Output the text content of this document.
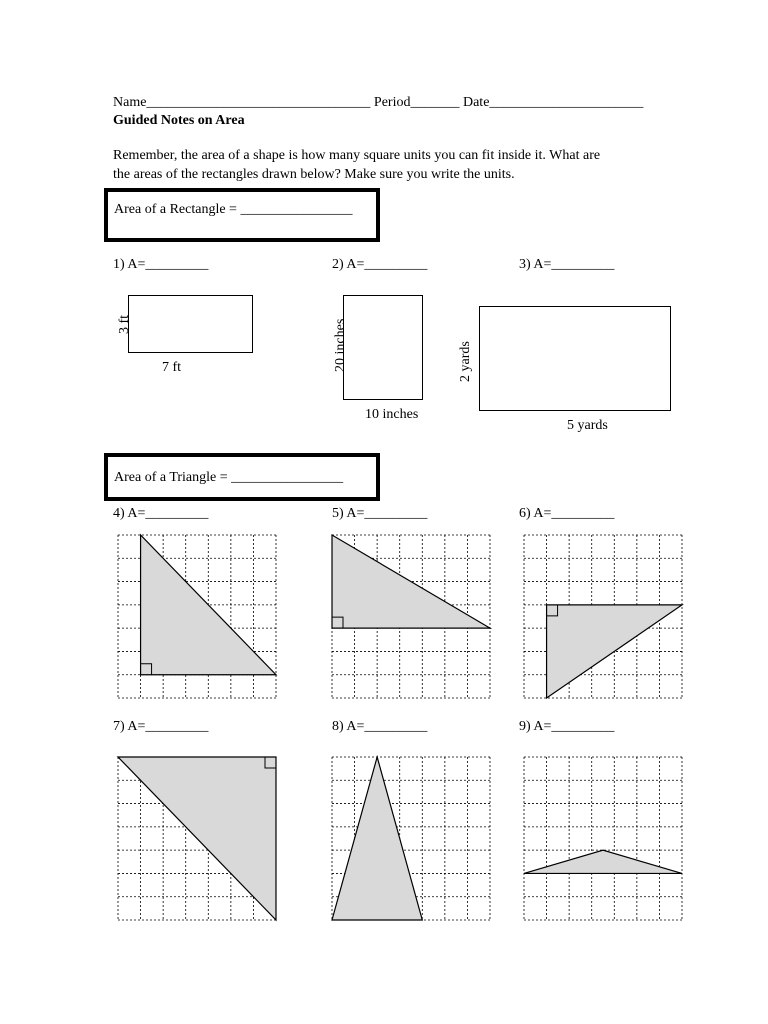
Name________________________________ Period_______ Date______________________
Guided Notes on Area
Remember, the area of a shape is how many square units you can fit inside it. What are
the areas of the rectangles drawn below? Make sure you write the units.
Area of a Rectangle = ________________
1) A=_________	2) A=_________	3) A=_________
7 ft
3 ft
10 inches
20 inches
5 yards
2 yards
Area of a Triangle = ________________
4) A=_________	5) A=_________	6) A=_________
7) A=_________	8) A=_________	9) A=_________
